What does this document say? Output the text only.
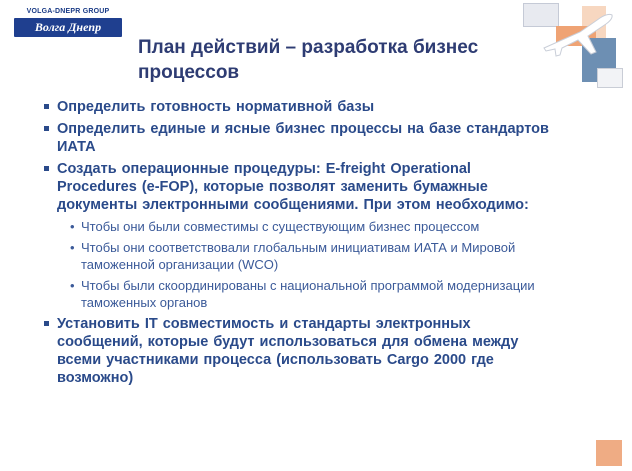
VOLGA-DNEPR GROUP
Волга Днепр
План действий – разработка бизнес процессов
Определить готовность нормативной базы
Определить единые и ясные бизнес процессы на базе стандартов ИАТА
Создать операционные процедуры: E-freight Operational Procedures (e-FOP), которые позволят заменить бумажные документы электронными сообщениями. При этом необходимо:
• Чтобы они были совместимы с существующим бизнес процессом
• Чтобы они соответствовали глобальным инициативам ИАТА и Мировой таможенной организации (WCO)
• Чтобы были скоординированы с национальной программой модернизации таможенных органов
Установить IT совместимость и стандарты электронных сообщений, которые будут использоваться для обмена между всеми участниками процесса (использовать Cargo 2000 где возможно)
